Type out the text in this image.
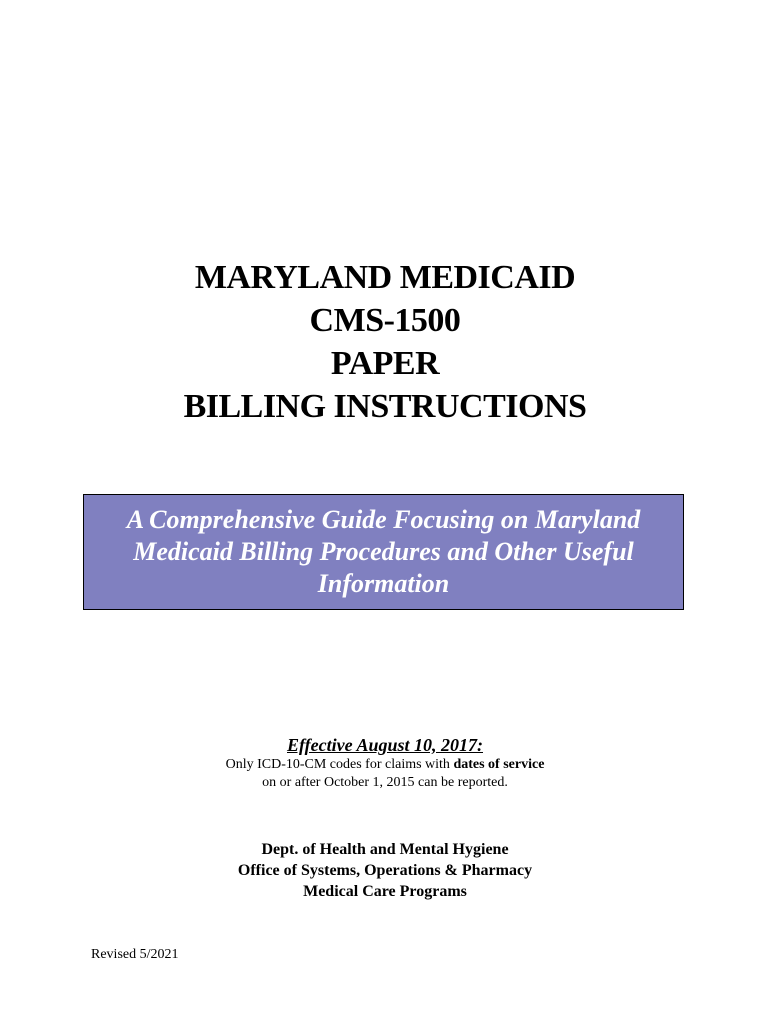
MARYLAND MEDICAID
CMS-1500
PAPER
BILLING INSTRUCTIONS
A Comprehensive Guide Focusing on Maryland
Medicaid Billing Procedures and Other Useful
Information
Effective August 10, 2017:
Only ICD-10-CM codes for claims with dates of service
on or after October 1, 2015 can be reported.
Dept. of Health and Mental Hygiene
Office of Systems, Operations & Pharmacy
Medical Care Programs
Revised 5/2021
